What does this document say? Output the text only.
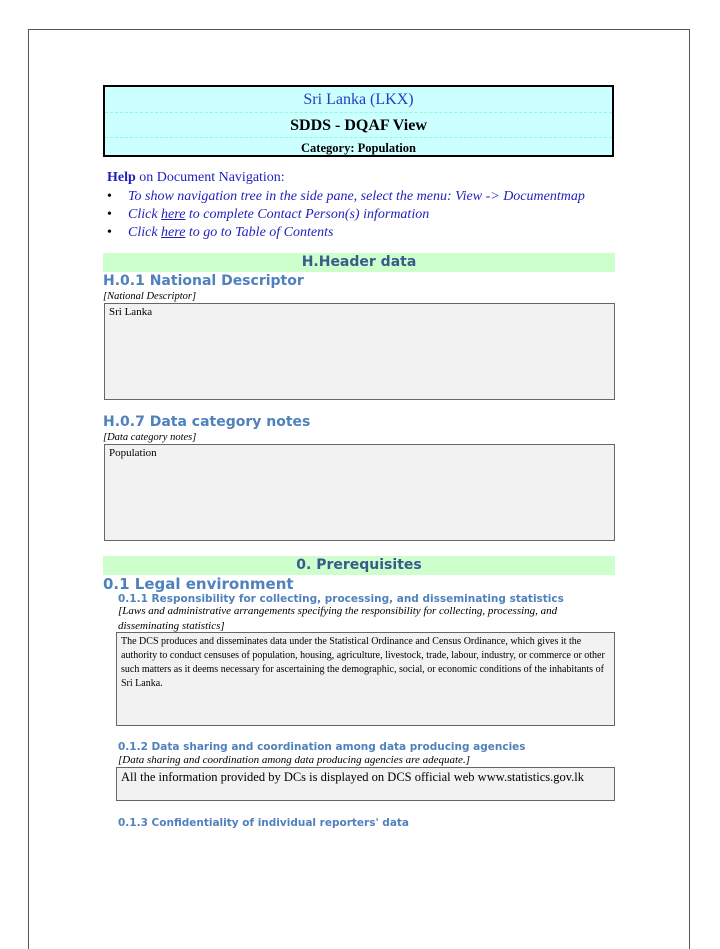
Sri Lanka (LKX)
SDDS - DQAF View
Category: Population
Help on Document Navigation:
• To show navigation tree in the side pane, select the menu: View -> Documentmap
• Click here to complete Contact Person(s) information
• Click here to go to Table of Contents
H.Header data
H.0.1 National Descriptor
[National Descriptor]
Sri Lanka
H.0.7 Data category notes
[Data category notes]
Population
0. Prerequisites
0.1 Legal environment
0.1.1 Responsibility for collecting, processing, and disseminating statistics
[Laws and administrative arrangements specifying the responsibility for collecting, processing, and disseminating statistics]
The DCS produces and disseminates data under the Statistical Ordinance and Census Ordinance, which gives it the authority to conduct censuses of population, housing, agriculture, livestock, trade, labour, industry, or commerce or other such matters as it deems necessary for ascertaining the demographic, social, or economic conditions of the inhabitants of Sri Lanka.
0.1.2 Data sharing and coordination among data producing agencies
[Data sharing and coordination among data producing agencies are adequate.]
All the information provided by DCs is displayed on DCS official web www.statistics.gov.lk
0.1.3 Confidentiality of individual reporters' data
